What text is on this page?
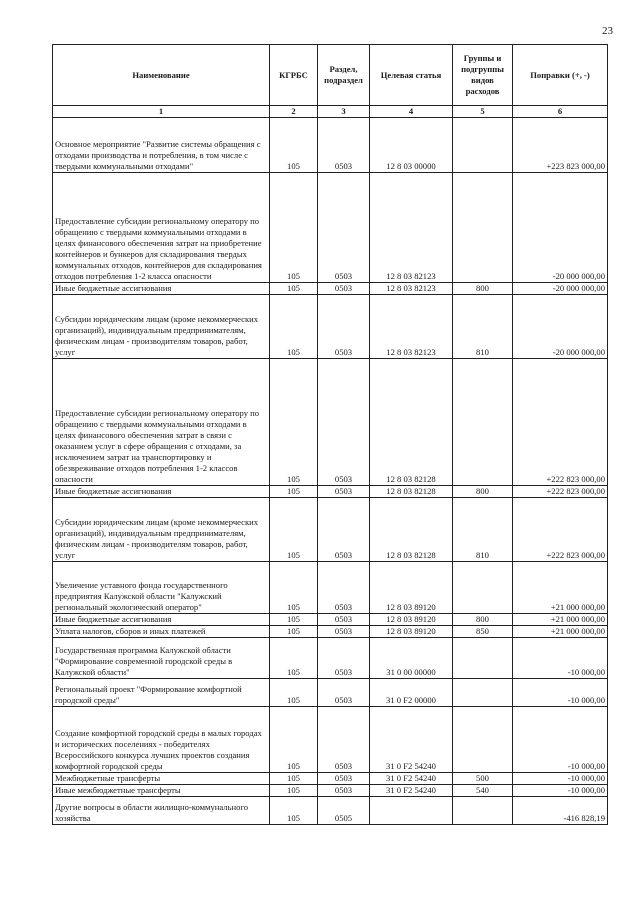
23
Наименование	КГРБС	Раздел, подраздел	Целевая статья	Группы и подгруппы видов расходов	Поправки (+, -)
1	2	3	4	5	6
Основное мероприятие "Развитие системы обращения с отходами производства и потребления, в том числе с твердыми коммунальными отходами"	105	0503	12 8 03 00000		+223 823 000,00
Предоставление субсидии региональному оператору по обращению с твердыми коммунальными отходами в целях финансового обеспечения затрат на приобретение контейнеров и бункеров для складирования твердых коммунальных отходов, контейнеров для складирования отходов потребления 1-2 класса опасности	105	0503	12 8 03 82123		-20 000 000,00
Иные бюджетные ассигнования	105	0503	12 8 03 82123	800	-20 000 000,00
Субсидии юридическим лицам (кроме некоммерческих организаций), индивидуальным предпринимателям, физическим лицам - производителям товаров, работ, услуг	105	0503	12 8 03 82123	810	-20 000 000,00
Предоставление субсидии региональному оператору по обращению с твердыми коммунальными отходами в целях финансового обеспечения затрат в связи с оказанием услуг в сфере обращения с отходами, за исключением затрат на транспортировку и обезвреживание отходов потребления 1-2 классов опасности	105	0503	12 8 03 82128		+222 823 000,00
Иные бюджетные ассигнования	105	0503	12 8 03 82128	800	+222 823 000,00
Субсидии юридическим лицам (кроме некоммерческих организаций), индивидуальным предпринимателям, физическим лицам - производителям товаров, работ, услуг	105	0503	12 8 03 82128	810	+222 823 000,00
Увеличение уставного фонда государственного предприятия Калужской области "Калужский региональный экологический оператор"	105	0503	12 8 03 89120		+21 000 000,00
Иные бюджетные ассигнования	105	0503	12 8 03 89120	800	+21 000 000,00
Уплата налогов, сборов и иных платежей	105	0503	12 8 03 89120	850	+21 000 000,00
Государственная программа Калужской области "Формирование современной городской среды в Калужской области"	105	0503	31 0 00 00000		-10 000,00
Региональный проект "Формирование комфортной городской среды"	105	0503	31 0 F2 00000		-10 000,00
Создание комфортной городской среды в малых городах и исторических поселениях - победителях Всероссийского конкурса лучших проектов создания комфортной городской среды	105	0503	31 0 F2 54240		-10 000,00
Межбюджетные трансферты	105	0503	31 0 F2 54240	500	-10 000,00
Иные межбюджетные трансферты	105	0503	31 0 F2 54240	540	-10 000,00
Другие вопросы в области жилищно-коммунального хозяйства	105	0505			-416 828,19
